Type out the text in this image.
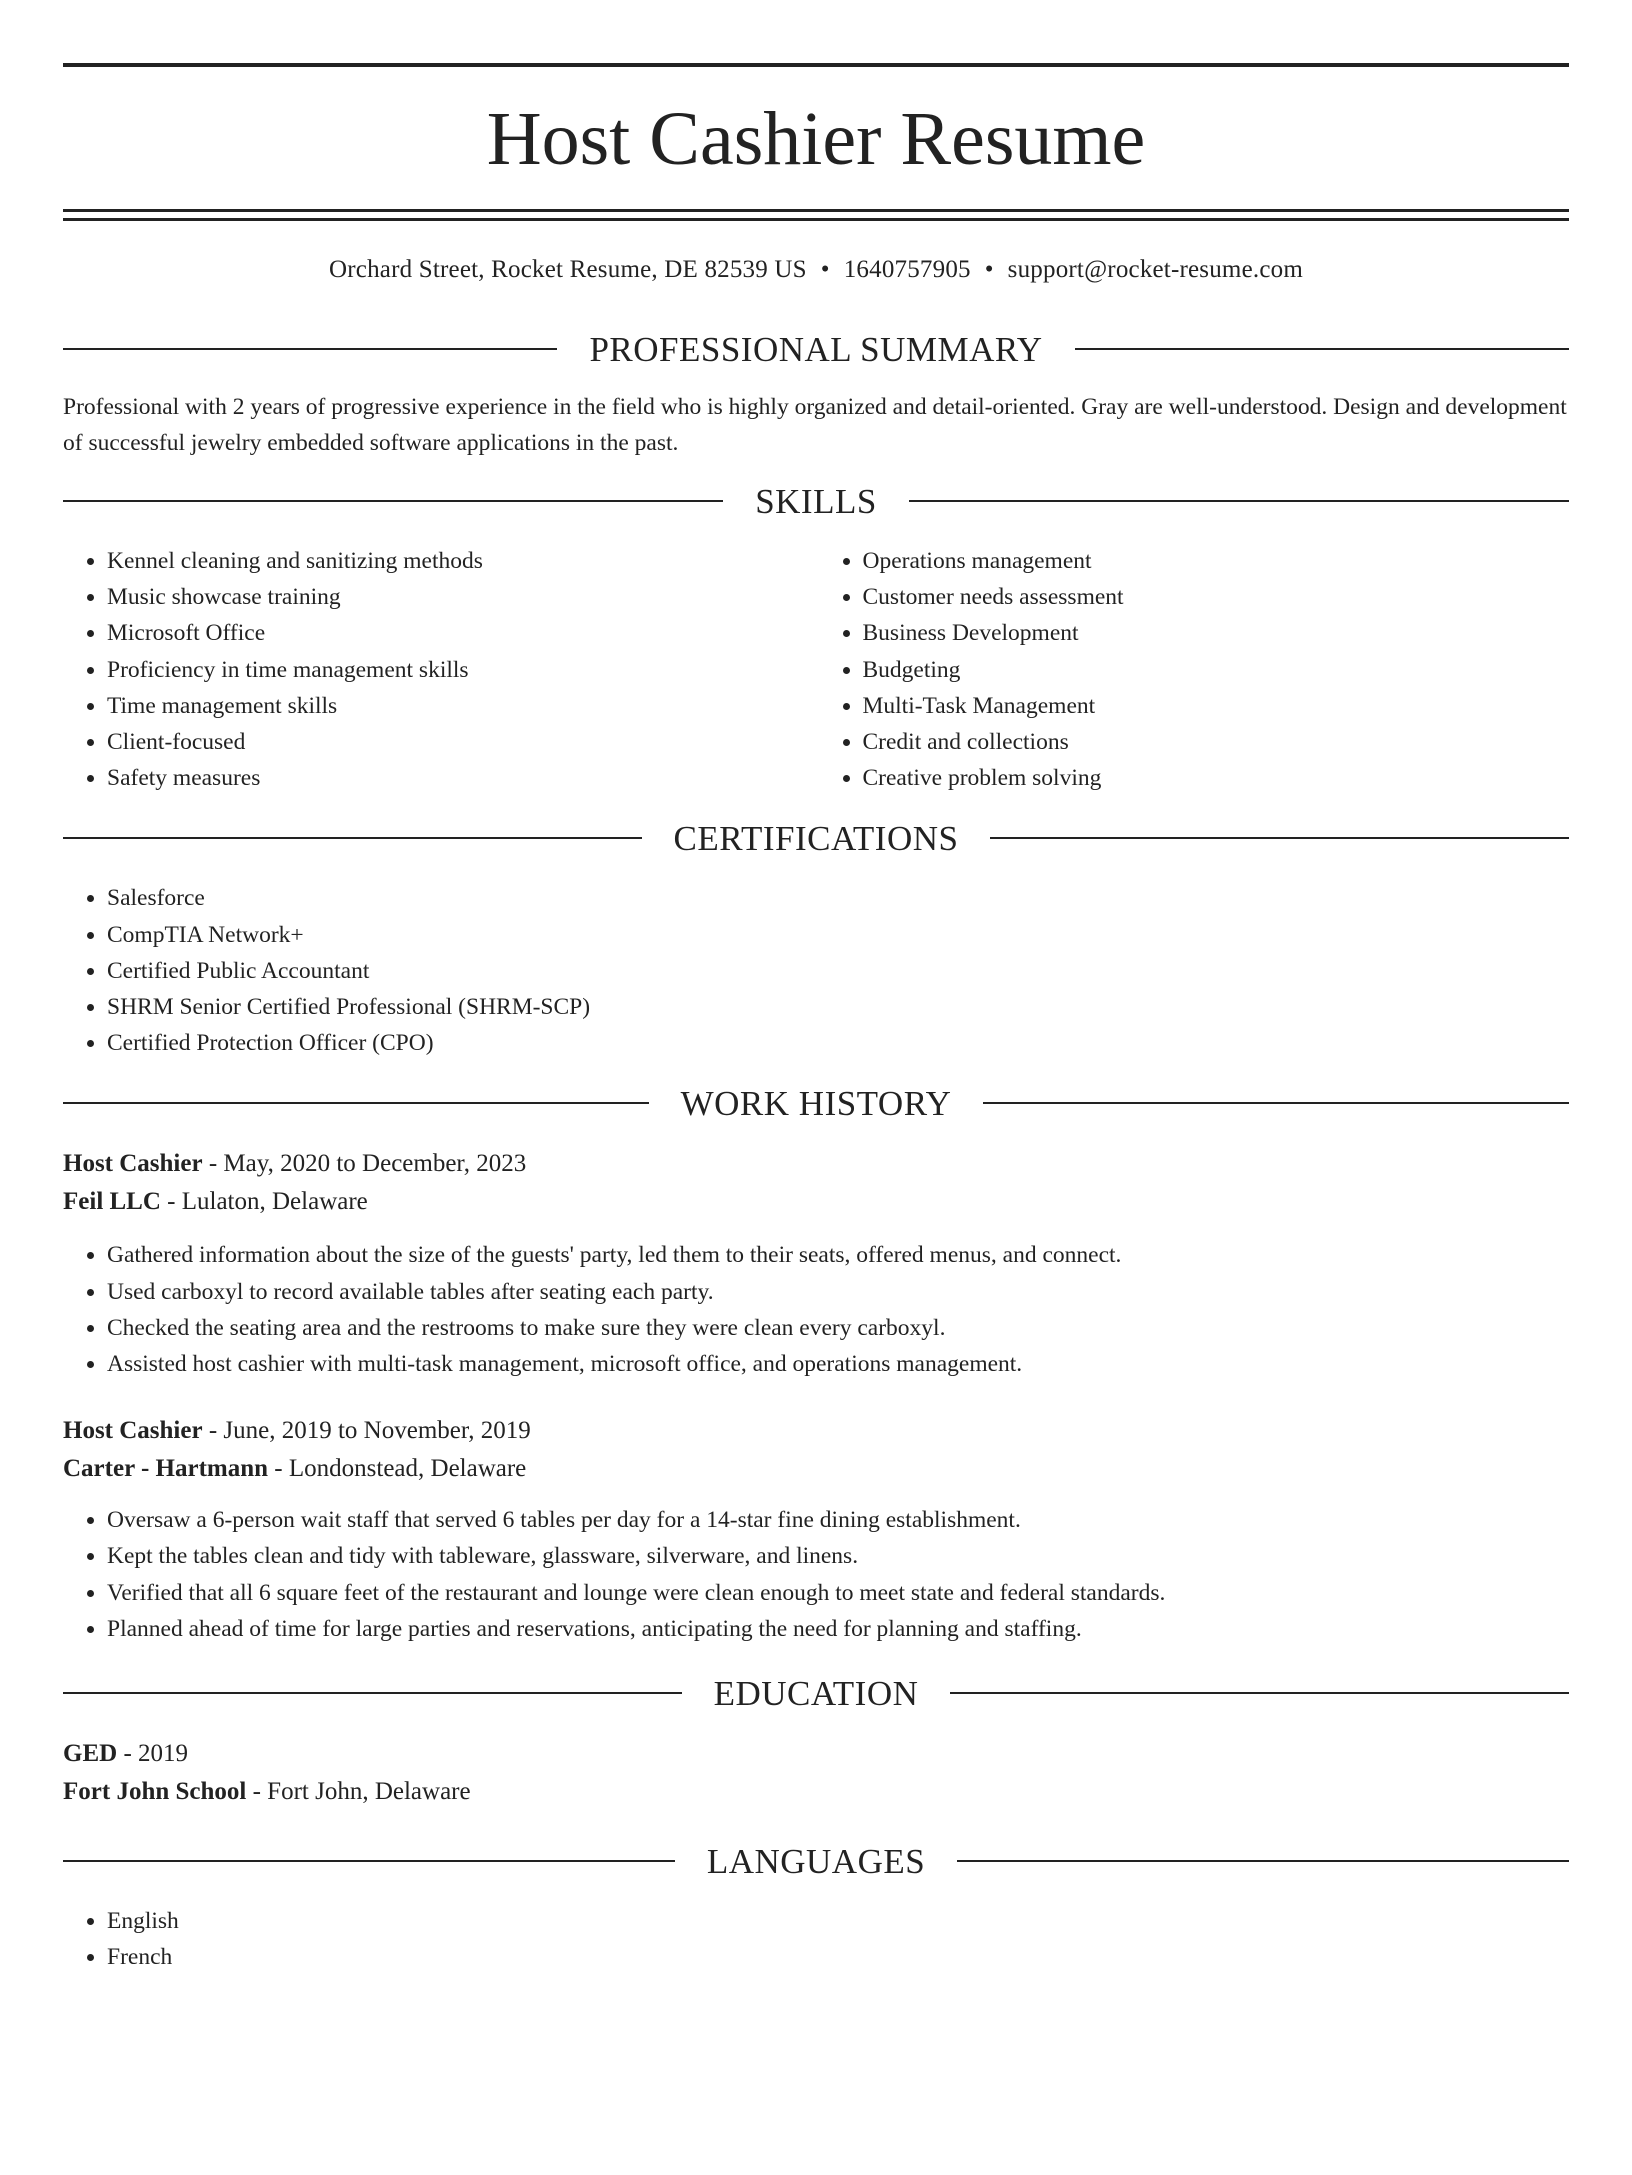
Host Cashier Resume
Orchard Street, Rocket Resume, DE 82539 US • 1640757905 • support@rocket-resume.com
PROFESSIONAL SUMMARY

Professional with 2 years of progressive experience in the field who is highly organized and detail-oriented. Gray are well-understood. Design and development of successful jewelry embedded software applications in the past.

SKILLS
• Kennel cleaning and sanitizing methods
• Music showcase training
• Microsoft Office
• Proficiency in time management skills
• Time management skills
• Client-focused
• Safety measures
• Operations management
• Customer needs assessment
• Business Development
• Budgeting
• Multi-Task Management
• Credit and collections
• Creative problem solving
CERTIFICATIONS
• Salesforce
• CompTIA Network+
• Certified Public Accountant
• SHRM Senior Certified Professional (SHRM-SCP)
• Certified Protection Officer (CPO)
WORK HISTORY
Host Cashier - May, 2020 to December, 2023
Feil LLC - Lulaton, Delaware
• Gathered information about the size of the guests' party, led them to their seats, offered menus, and connect.
• Used carboxyl to record available tables after seating each party.
• Checked the seating area and the restrooms to make sure they were clean every carboxyl.
• Assisted host cashier with multi-task management, microsoft office, and operations management.
Host Cashier - June, 2019 to November, 2019
Carter - Hartmann - Londonstead, Delaware
• Oversaw a 6-person wait staff that served 6 tables per day for a 14-star fine dining establishment.
• Kept the tables clean and tidy with tableware, glassware, silverware, and linens.
• Verified that all 6 square feet of the restaurant and lounge were clean enough to meet state and federal standards.
• Planned ahead of time for large parties and reservations, anticipating the need for planning and staffing.
EDUCATION
GED - 2019
Fort John School - Fort John, Delaware
LANGUAGES
• English
• French
